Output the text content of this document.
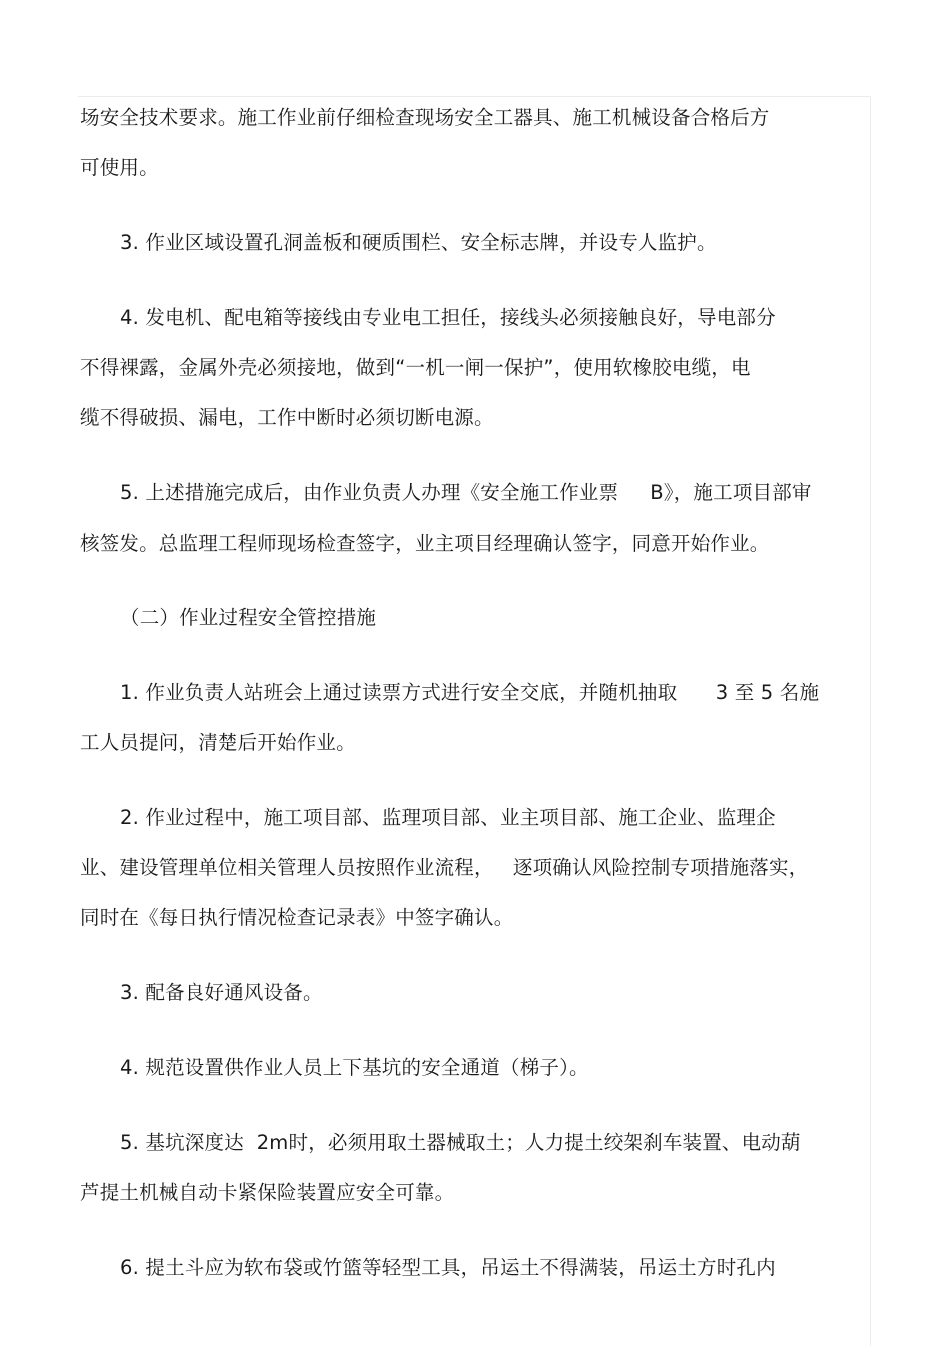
场安全技术要求。施工作业前仔细检查现场安全工器具、施工机械设备合格后方
可使用。
3. 作业区域设置孔洞盖板和硬质围栏、安全标志牌，并设专人监护。
4. 发电机、配电箱等接线由专业电工担任，接线头必须接触良好，导电部分
不得裸露，金属外壳必须接地，做到“一机一闸一保护”，使用软橡胶电缆，电
缆不得破损、漏电，工作中断时必须切断电源。
5. 上述措施完成后，由作业负责人办理《安全施工作业票     B》，施工项目部审
核签发。总监理工程师现场检查签字，业主项目经理确认签字，同意开始作业。
（二）作业过程安全管控措施
1. 作业负责人站班会上通过读票方式进行安全交底，并随机抽取      3 至 5 名施
工人员提问，清楚后开始作业。
2. 作业过程中，施工项目部、监理项目部、业主项目部、施工企业、监理企
业、建设管理单位相关管理人员按照作业流程，   逐项确认风险控制专项措施落实，
同时在《每日执行情况检查记录表》中签字确认。
3. 配备良好通风设备。
4. 规范设置供作业人员上下基坑的安全通道（梯子）。
5. 基坑深度达  2m时，必须用取土器械取土；人力提土绞架刹车装置、电动葫
芦提土机械自动卡紧保险装置应安全可靠。
6. 提土斗应为软布袋或竹篮等轻型工具，吊运土不得满装，吊运土方时孔内
